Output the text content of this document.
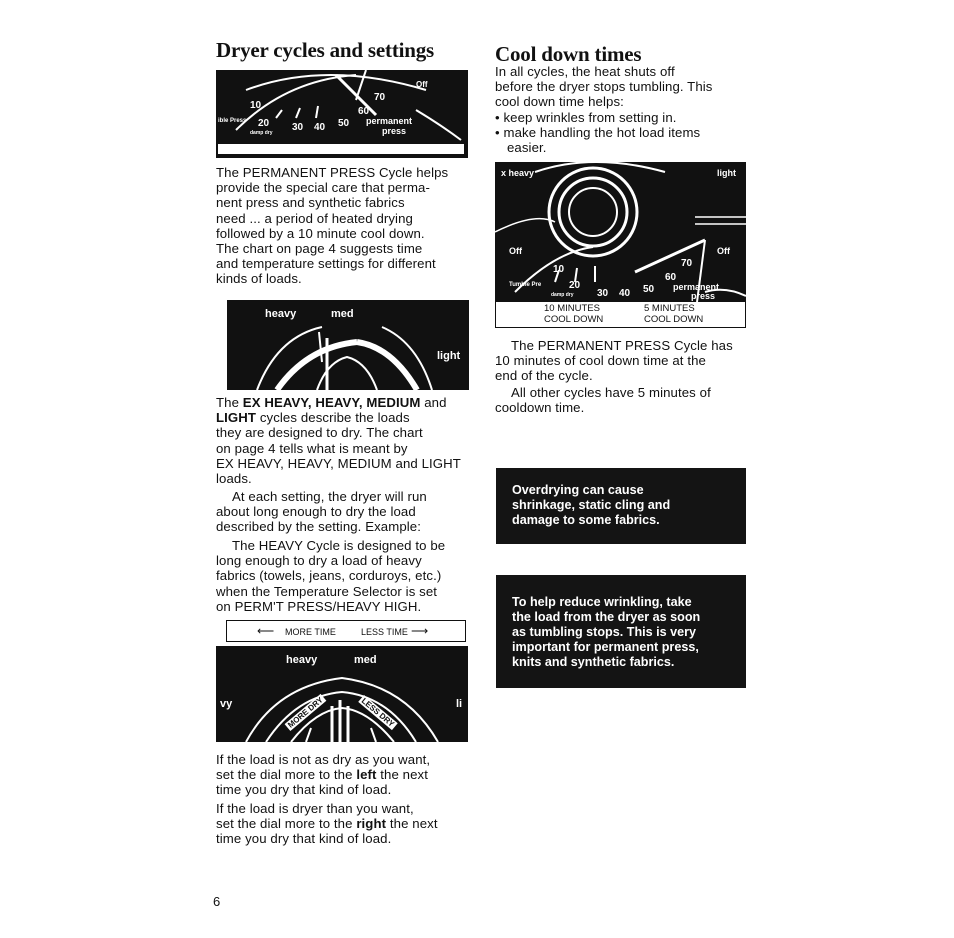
Dryer cycles and settings
Off
10
20 30 40 50
60
70
permanent
press
ible Press
damp dry

The PERMANENT PRESS Cycle helps

provide the special care that perma-

nent press and synthetic fabrics

need ... a period of heated drying

followed by a 10 minute cool down.

The chart on page 4 suggests time

and temperature settings for different

kinds of loads.

heavy	med
light

The EX HEAVY, HEAVY, MEDIUM and

LIGHT cycles describe the loads

they are designed to dry. The chart

on page 4 tells what is meant by

EX HEAVY, HEAVY, MEDIUM and LIGHT

loads.

At each setting, the dryer will run

about long enough to dry the load

described by the setting. Example:

The HEAVY Cycle is designed to be

long enough to dry a load of heavy

fabrics (towels, jeans, corduroys, etc.)

when the Temperature Selector is set

on PERM'T PRESS/HEAVY HIGH.

⟵ MORE TIME	LESS TIME ⟶
heavy	med
vy	li
MORE DRY	LESS DRY

If the load is not as dry as you want,

set the dial more to the left the next

time you dry that kind of load.

If the load is dryer than you want,

set the dial more to the right the next

time you dry that kind of load.

6
Cool down times

In all cycles, the heat shuts off

before the dryer stops tumbling. This

cool down time helps:

• keep wrinkles from setting in.

• make handling the hot load items

easier.

x heavy	light
Off	Off
10
20
30 40 50
60
70
permanent
press
Tumble Pre
damp dry
10 MINUTES
COOL DOWN
5 MINUTES
COOL DOWN

The PERMANENT PRESS Cycle has

10 minutes of cool down time at the

end of the cycle.

All other cycles have 5 minutes of

cooldown time.

Overdrying can cause
shrinkage, static cling and
damage to some fabrics.
To help reduce wrinkling, take
the load from the dryer as soon
as tumbling stops. This is very
important for permanent press,
knits and synthetic fabrics.
